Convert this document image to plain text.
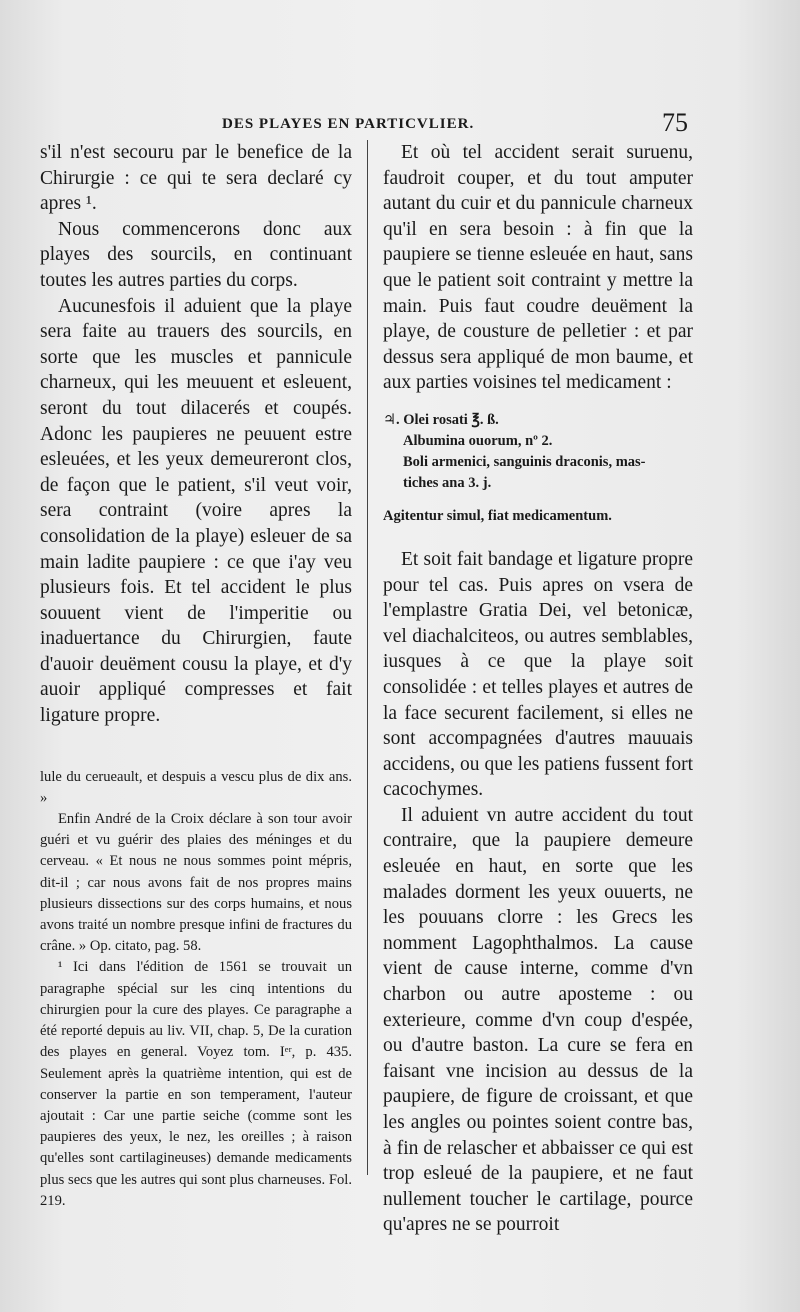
DES PLAYES EN PARTICVLIER.	75

s'il n'est secouru par le benefice de la Chirurgie : ce qui te sera declaré cy apres ¹.

Nous commencerons donc aux playes des sourcils, en continuant toutes les autres parties du corps.

Aucunesfois il aduient que la playe sera faite au trauers des sourcils, en sorte que les muscles et pannicule charneux, qui les meuuent et esleuent, seront du tout dilacerés et coupés. Adonc les paupieres ne peuuent estre esleuées, et les yeux demeureront clos, de façon que le patient, s'il veut voir, sera contraint (voire apres la consolidation de la playe) esleuer de sa main ladite paupiere : ce que i'ay veu plusieurs fois. Et tel accident le plus souuent vient de l'imperitie ou inaduertance du Chirurgien, faute d'auoir deuëment cousu la playe, et d'y auoir appliqué compresses et fait ligature propre.

lule du cerueault, et despuis a vescu plus de dix ans. »

Enfin André de la Croix déclare à son tour avoir guéri et vu guérir des plaies des méninges et du cerveau. « Et nous ne nous sommes point mépris, dit-il ; car nous avons fait de nos propres mains plusieurs dissections sur des corps humains, et nous avons traité un nombre presque infini de fractures du crâne. » Op. citato, pag. 58.

¹ Ici dans l'édition de 1561 se trouvait un paragraphe spécial sur les cinq intentions du chirurgien pour la cure des playes. Ce paragraphe a été reporté depuis au liv. VII, chap. 5, De la curation des playes en general. Voyez tom. Iᵉʳ, p. 435. Seulement après la quatrième intention, qui est de conserver la partie en son temperament, l'auteur ajoutait : Car une partie seiche (comme sont les paupieres des yeux, le nez, les oreilles ; à raison qu'elles sont cartilagineuses) demande medicaments plus secs que les autres qui sont plus charneuses. Fol. 219.

Et où tel accident serait suruenu, faudroit couper, et du tout amputer autant du cuir et du pannicule charneux qu'il en sera besoin : à fin que la paupiere se tienne esleuée en haut, sans que le patient soit contraint y mettre la main. Puis faut coudre deuëment la playe, de cousture de pelletier : et par dessus sera appliqué de mon baume, et aux parties voisines tel medicament :

♃. Olei rosati ℥. ß.
Albumina ouorum, nº 2.
Boli armenici, sanguinis draconis, mas-
tiches ana 3. j.
Agitentur simul, fiat medicamentum.

Et soit fait bandage et ligature propre pour tel cas. Puis apres on vsera de l'emplastre Gratia Dei, vel betonicæ, vel diachalciteos, ou autres semblables, iusques à ce que la playe soit consolidée : et telles playes et autres de la face securent facilement, si elles ne sont accompagnées d'autres mauuais accidens, ou que les patiens fussent fort cacochymes.

Il aduient vn autre accident du tout contraire, que la paupiere demeure esleuée en haut, en sorte que les malades dorment les yeux ouuerts, ne les pouuans clorre : les Grecs les nomment Lagophthalmos. La cause vient de cause interne, comme d'vn charbon ou autre aposteme : ou exterieure, comme d'vn coup d'espée, ou d'autre baston. La cure se fera en faisant vne incision au dessus de la paupiere, de figure de croissant, et que les angles ou pointes soient contre bas, à fin de relascher et abbaisser ce qui est trop esleué de la paupiere, et ne faut nullement toucher le cartilage, pource qu'apres ne se pourroit
